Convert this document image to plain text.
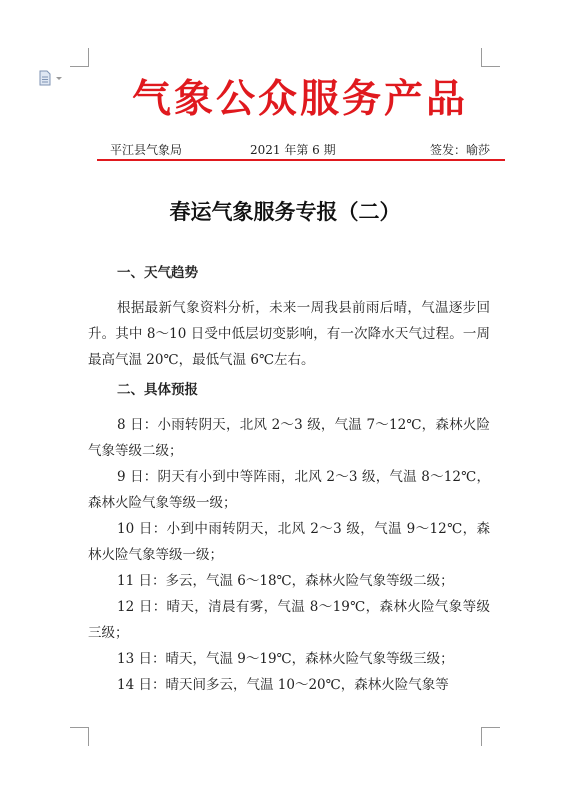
气象公众服务产品
平江县气象局	2021 年第 6 期	签发：喻莎
春运气象服务专报（二）

一、天气趋势

根据最新气象资料分析，未来一周我县前雨后晴，气温逐步回升。其中 8～10 日受中低层切变影响，有一次降水天气过程。一周最高气温 20℃，最低气温 6℃左右。

二、具体预报

8 日：小雨转阴天，北风 2～3 级，气温 7～12℃，森林火险气象等级二级；

9 日：阴天有小到中等阵雨，北风 2～3 级，气温 8～12℃，森林火险气象等级一级；

10 日：小到中雨转阴天，北风 2～3 级，气温 9～12℃，森林火险气象等级一级；

11 日：多云，气温 6～18℃，森林火险气象等级二级；

12 日：晴天，清晨有雾，气温 8～19℃，森林火险气象等级三级；

13 日：晴天，气温 9～19℃，森林火险气象等级三级；

14 日：晴天间多云，气温 10～20℃，森林火险气象等
